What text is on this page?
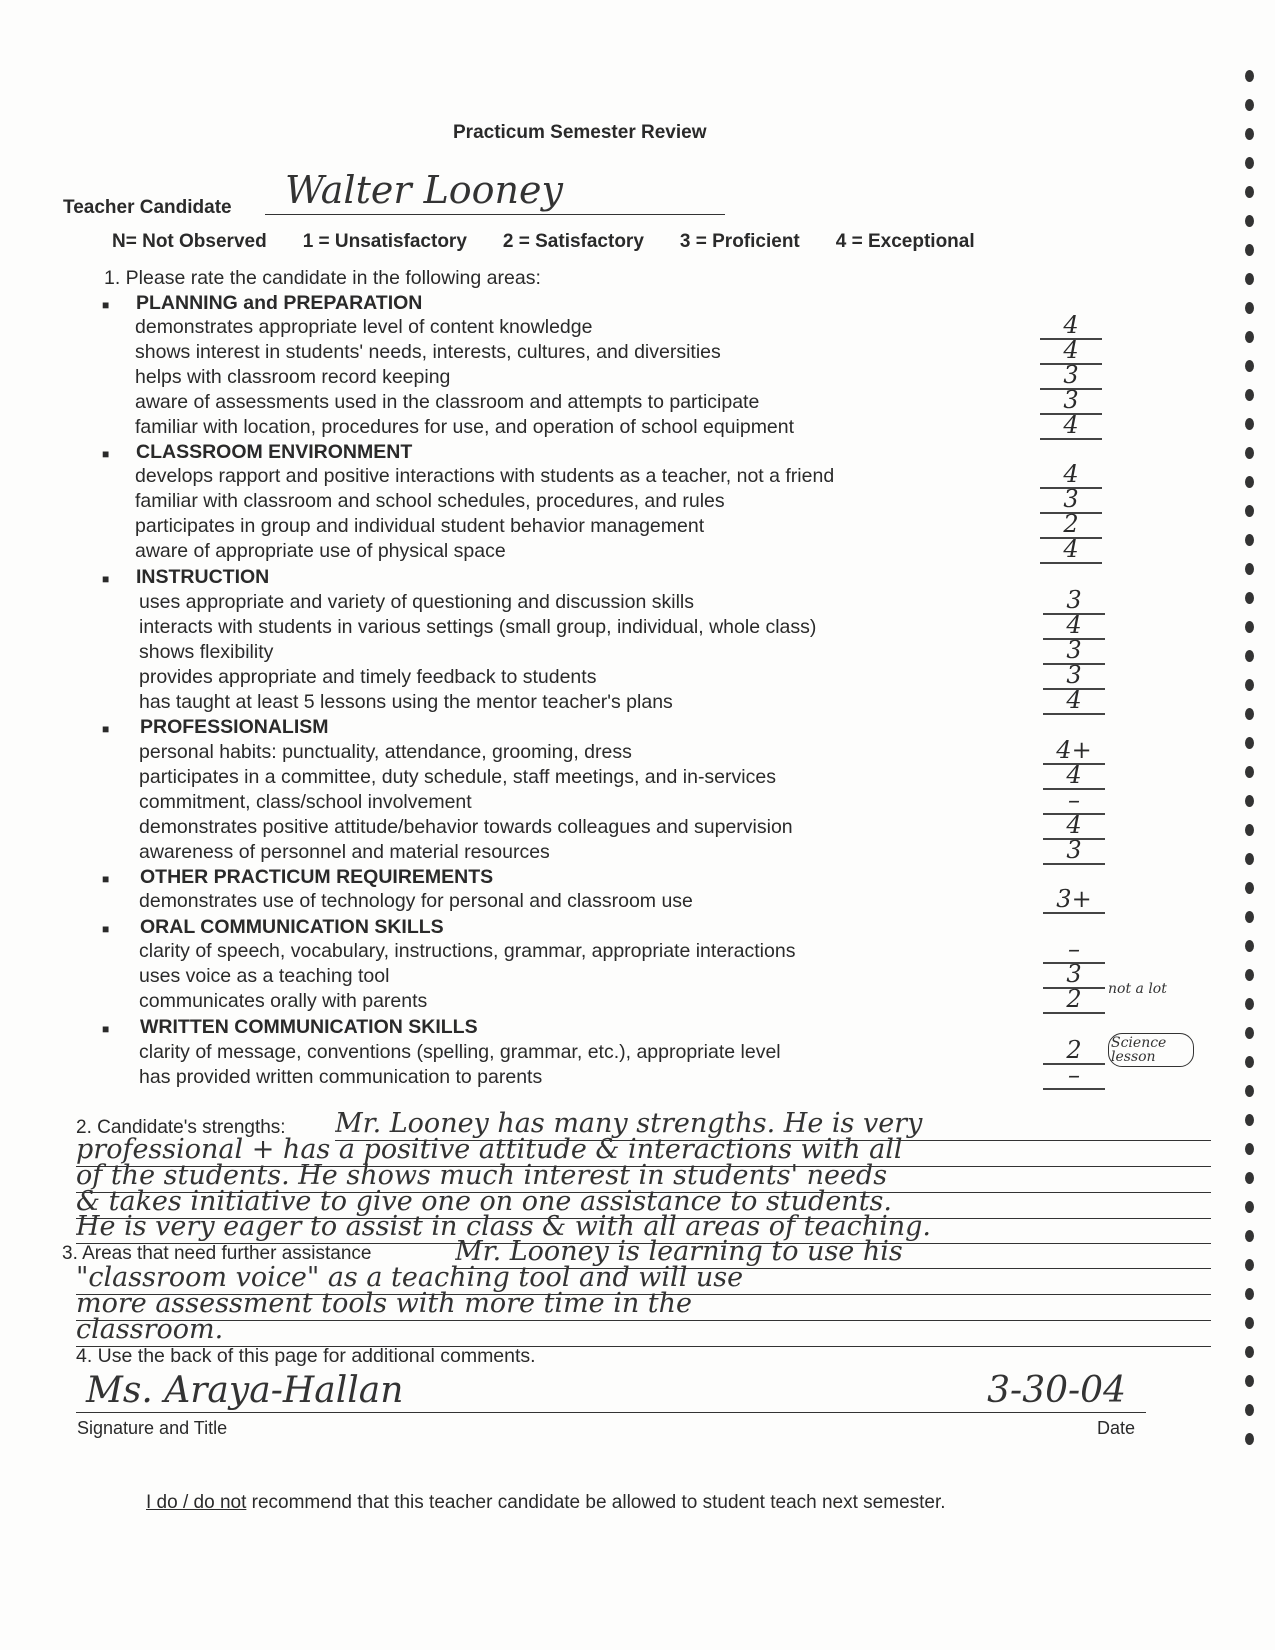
Practicum Semester Review
Teacher Candidate	Walter Looney
N= Not Observed 1 = Unsatisfactory 2 = Satisfactory 3 = Proficient 4 = Exceptional
1. Please rate the candidate in the following areas:
■ PLANNING and PREPARATION
demonstrates appropriate level of content knowledge	4
shows interest in students' needs, interests, cultures, and diversities	4
helps with classroom record keeping	3
aware of assessments used in the classroom and attempts to participate	3
familiar with location, procedures for use, and operation of school equipment	4
■ CLASSROOM ENVIRONMENT
develops rapport and positive interactions with students as a teacher, not a friend	4
familiar with classroom and school schedules, procedures, and rules	3
participates in group and individual student behavior management	2
aware of appropriate use of physical space	4
■ INSTRUCTION
uses appropriate and variety of questioning and discussion skills	3
interacts with students in various settings (small group, individual, whole class)	4
shows flexibility	3
provides appropriate and timely feedback to students	3
has taught at least 5 lessons using the mentor teacher's plans	4
■ PROFESSIONALISM
personal habits: punctuality, attendance, grooming, dress	4+
participates in a committee, duty schedule, staff meetings, and in-services	4
commitment, class/school involvement	–
demonstrates positive attitude/behavior towards colleagues and supervision	4
awareness of personnel and material resources	3
■ OTHER PRACTICUM REQUIREMENTS
demonstrates use of technology for personal and classroom use	3+
■ ORAL COMMUNICATION SKILLS
clarity of speech, vocabulary, instructions, grammar, appropriate interactions	–
uses voice as a teaching tool	3
communicates orally with parents	2	not a lot
■ WRITTEN COMMUNICATION SKILLS
clarity of message, conventions (spelling, grammar, etc.), appropriate level	2	Science lesson
has provided written communication to parents	–
2. Candidate's strengths: Mr. Looney has many strengths. He is very
professional + has a positive attitude & interactions with all
of the students. He shows much interest in students' needs
& takes initiative to give one on one assistance to students.
He is very eager to assist in class & with all areas of teaching.
3. Areas that need further assistance	Mr. Looney is learning to use his
"classroom voice" as a teaching tool and will use
more assessment tools with more time in the
classroom.
4. Use the back of this page for additional comments.
Ms. Araya-Hallan	3-30-04
Signature and Title	Date
I do / do not recommend that this teacher candidate be allowed to student teach next semester.
